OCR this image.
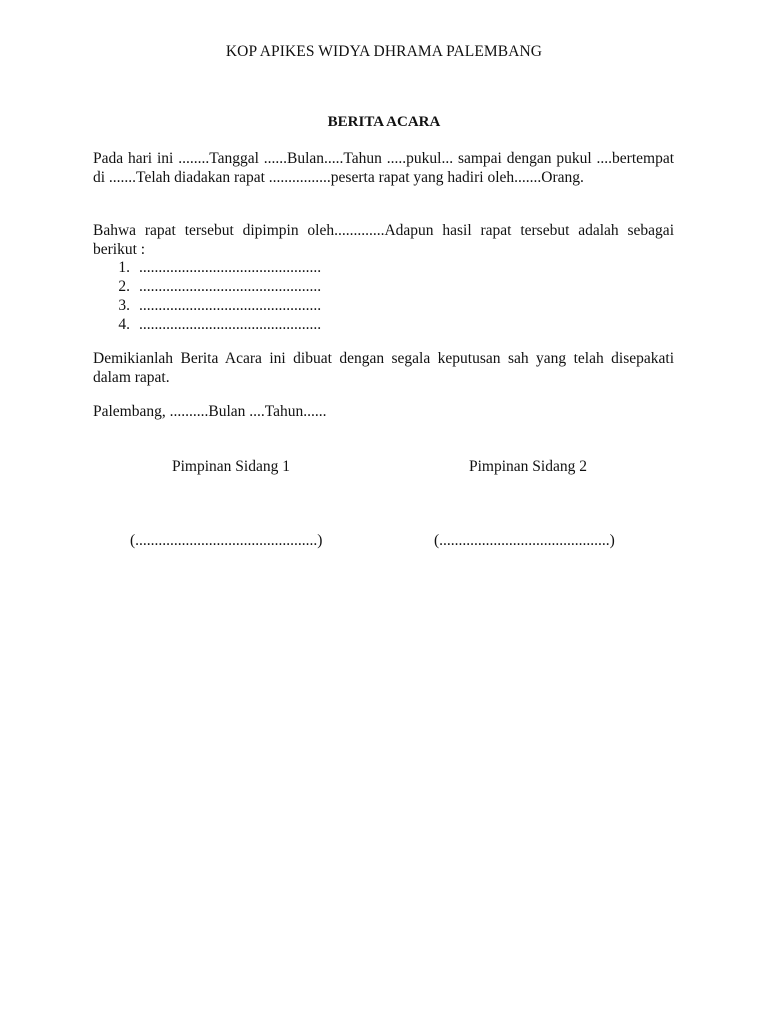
KOP APIKES WIDYA DHRAMA PALEMBANG
BERITA ACARA

Pada hari ini ........Tanggal ......Bulan.....Tahun .....pukul... sampai dengan pukul ....bertempat di .......Telah diadakan rapat ................peserta rapat yang hadiri oleh.......Orang.

Bahwa rapat tersebut dipimpin oleh.............Adapun hasil rapat tersebut adalah sebagai berikut :

1. ...............................................
2. ...............................................
3. ...............................................
4. ...............................................

Demikianlah Berita Acara ini dibuat dengan segala keputusan sah yang telah disepakati dalam rapat.

Palembang, ..........Bulan ....Tahun......

Pimpinan Sidang 1	Pimpinan Sidang 2
(...............................................)	(............................................)
